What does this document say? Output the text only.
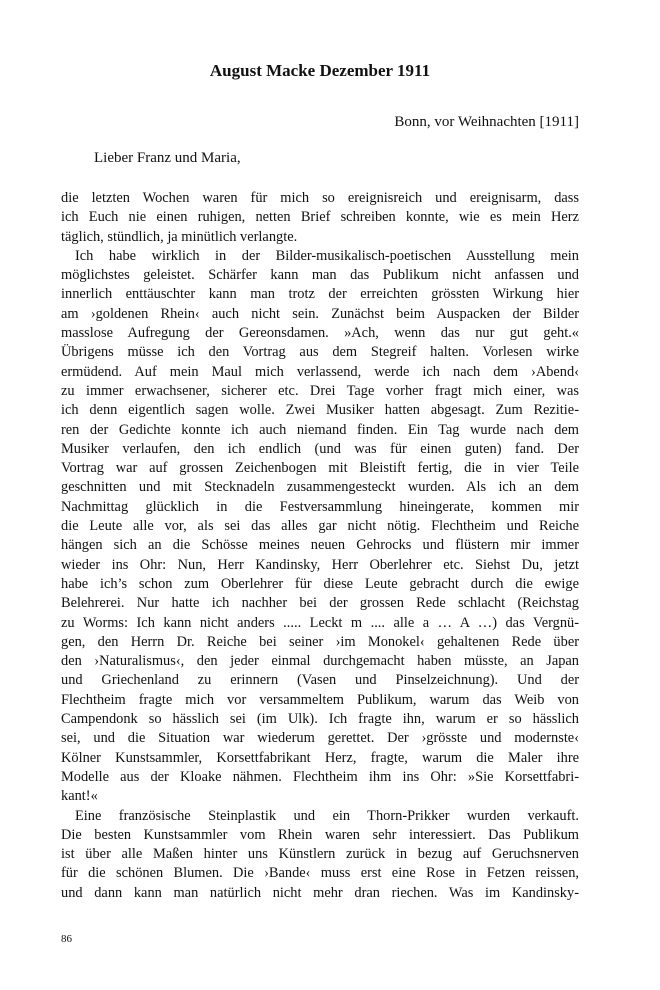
August Macke Dezember 1911

Bonn, vor Weihnachten [1911]

Lieber Franz und Maria,

die letzten Wochen waren für mich so ereignisreich und ereignisarm, dass
ich Euch nie einen ruhigen, netten Brief schreiben konnte, wie es mein Herz
täglich, stündlich, ja minütlich verlangte.
Ich habe wirklich in der Bilder-musikalisch-poetischen Ausstellung mein
möglichstes geleistet. Schärfer kann man das Publikum nicht anfassen und
innerlich enttäuschter kann man trotz der erreichten grössten Wirkung hier
am ›goldenen Rhein‹ auch nicht sein. Zunächst beim Auspacken der Bilder
masslose Aufregung der Gereonsdamen. »Ach, wenn das nur gut geht.«
Übrigens müsse ich den Vortrag aus dem Stegreif halten. Vorlesen wirke
ermüdend. Auf mein Maul mich verlassend, werde ich nach dem ›Abend‹
zu immer erwachsener, sicherer etc. Drei Tage vorher fragt mich einer, was
ich denn eigentlich sagen wolle. Zwei Musiker hatten abgesagt. Zum Rezitie-
ren der Gedichte konnte ich auch niemand finden. Ein Tag wurde nach dem
Musiker verlaufen, den ich endlich (und was für einen guten) fand. Der
Vortrag war auf grossen Zeichenbogen mit Bleistift fertig, die in vier Teile
geschnitten und mit Stecknadeln zusammengesteckt wurden. Als ich an dem
Nachmittag glücklich in die Festversammlung hineingerate, kommen mir
die Leute alle vor, als sei das alles gar nicht nötig. Flechtheim und Reiche
hängen sich an die Schösse meines neuen Gehrocks und flüstern mir immer
wieder ins Ohr: Nun, Herr Kandinsky, Herr Oberlehrer etc. Siehst Du, jetzt
habe ich’s schon zum Oberlehrer für diese Leute gebracht durch die ewige
Belehrerei. Nur hatte ich nachher bei der grossen Rede schlacht (Reichstag
zu Worms: Ich kann nicht anders ..... Leckt m .... alle a … A …) das Vergnü-
gen, den Herrn Dr. Reiche bei seiner ›im Monokel‹ gehaltenen Rede über
den ›Naturalismus‹, den jeder einmal durchgemacht haben müsste, an Japan
und Griechenland zu erinnern (Vasen und Pinselzeichnung). Und der
Flechtheim fragte mich vor versammeltem Publikum, warum das Weib von
Campendonk so hässlich sei (im Ulk). Ich fragte ihn, warum er so hässlich
sei, und die Situation war wiederum gerettet. Der ›grösste und modernste‹
Kölner Kunstsammler, Korsettfabrikant Herz, fragte, warum die Maler ihre
Modelle aus der Kloake nähmen. Flechtheim ihm ins Ohr: »Sie Korsettfabri-
kant!«
Eine französische Steinplastik und ein Thorn-Prikker wurden verkauft.
Die besten Kunstsammler vom Rhein waren sehr interessiert. Das Publikum
ist über alle Maßen hinter uns Künstlern zurück in bezug auf Geruchsnerven
für die schönen Blumen. Die ›Bande‹ muss erst eine Rose in Fetzen reissen,
und dann kann man natürlich nicht mehr dran riechen. Was im Kandinsky-

86
